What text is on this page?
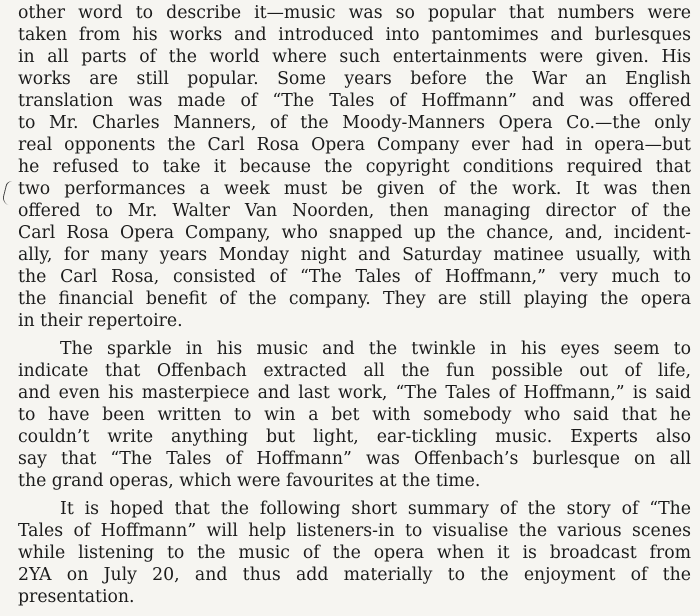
other word to describe it—music was so popular that numbers were
taken from his works and introduced into pantomimes and burlesques
in all parts of the world where such entertainments were given. His
works are still popular. Some years before the War an English
translation was made of “The Tales of Hoffmann” and was offered
to Mr. Charles Manners, of the Moody-Manners Opera Co.—the only
real opponents the Carl Rosa Opera Company ever had in opera—but
he refused to take it because the copyright conditions required that
two performances a week must be given of the work. It was then
offered to Mr. Walter Van Noorden, then managing director of the
Carl Rosa Opera Company, who snapped up the chance, and, incident-
ally, for many years Monday night and Saturday matinee usually, with
the Carl Rosa, consisted of “The Tales of Hoffmann,” very much to
the financial benefit of the company. They are still playing the opera
in their repertoire.
The sparkle in his music and the twinkle in his eyes seem to
indicate that Offenbach extracted all the fun possible out of life,
and even his masterpiece and last work, “The Tales of Hoffmann,” is said
to have been written to win a bet with somebody who said that he
couldn’t write anything but light, ear-tickling music. Experts also
say that “The Tales of Hoffmann” was Offenbach’s burlesque on all
the grand operas, which were favourites at the time.
It is hoped that the following short summary of the story of “The
Tales of Hoffmann” will help listeners-in to visualise the various scenes
while listening to the music of the opera when it is broadcast from
2YA on July 20, and thus add materially to the enjoyment of the
presentation.
